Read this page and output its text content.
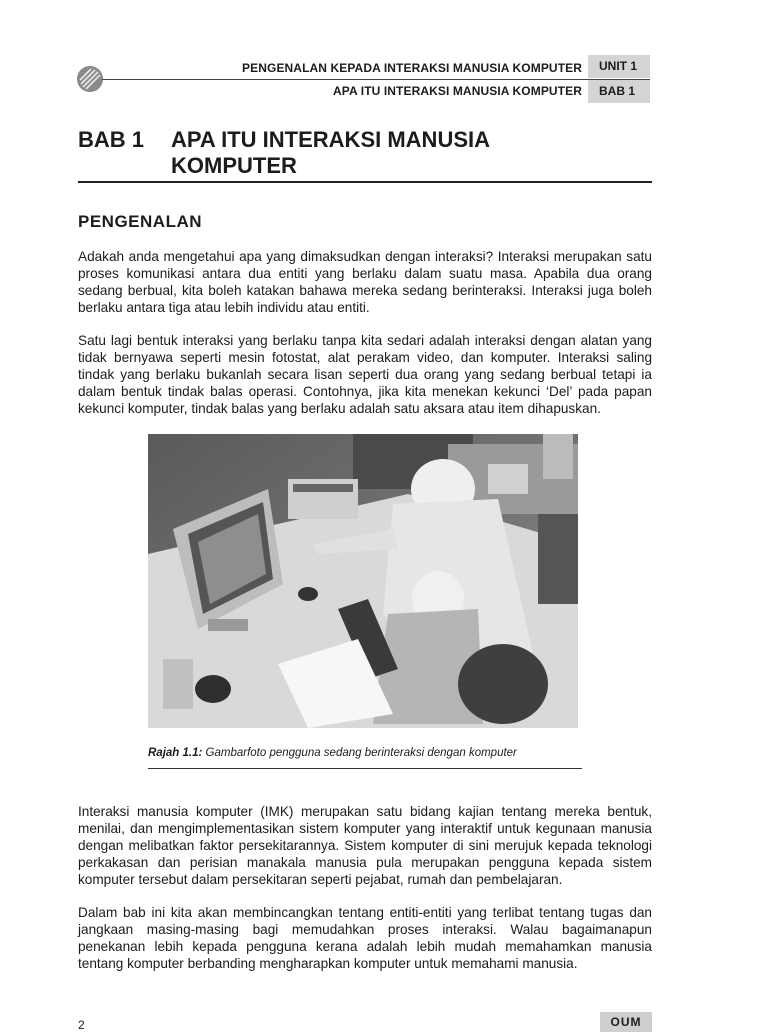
PENGENALAN KEPADA INTERAKSI MANUSIA KOMPUTER
APA ITU INTERAKSI MANUSIA KOMPUTER
UNIT 1
BAB 1
BAB 1 APA ITU INTERAKSI MANUSIA KOMPUTER
PENGENALAN

Adakah anda mengetahui apa yang dimaksudkan dengan interaksi? Interaksi merupakan satu proses komunikasi antara dua entiti yang berlaku dalam suatu masa. Apabila dua orang sedang berbual, kita boleh katakan bahawa mereka sedang berinteraksi. Interaksi juga boleh berlaku antara tiga atau lebih individu atau entiti.

Satu lagi bentuk interaksi yang berlaku tanpa kita sedari adalah interaksi dengan alatan yang tidak bernyawa seperti mesin fotostat, alat perakam video, dan komputer. Interaksi saling tindak yang berlaku bukanlah secara lisan seperti dua orang yang sedang berbual tetapi ia dalam bentuk tindak balas operasi. Contohnya, jika kita menekan kekunci ‘Del’ pada papan kekunci komputer, tindak balas yang berlaku adalah satu aksara atau item dihapuskan.

Rajah 1.1: Gambarfoto pengguna sedang berinteraksi dengan komputer

Interaksi manusia komputer (IMK) merupakan satu bidang kajian tentang mereka bentuk, menilai, dan mengimplementasikan sistem komputer yang interaktif untuk kegunaan manusia dengan melibatkan faktor persekitarannya. Sistem komputer di sini merujuk kepada teknologi perkakasan dan perisian manakala manusia pula merupakan pengguna kepada sistem komputer tersebut dalam persekitaran seperti pejabat, rumah dan pembelajaran.

Dalam bab ini kita akan membincangkan tentang entiti-entiti yang terlibat tentang tugas dan jangkaan masing-masing bagi memudahkan proses interaksi. Walau bagaimanapun penekanan lebih kepada pengguna kerana adalah lebih mudah memahamkan manusia tentang komputer berbanding mengharapkan komputer untuk memahami manusia.

2	OUM
